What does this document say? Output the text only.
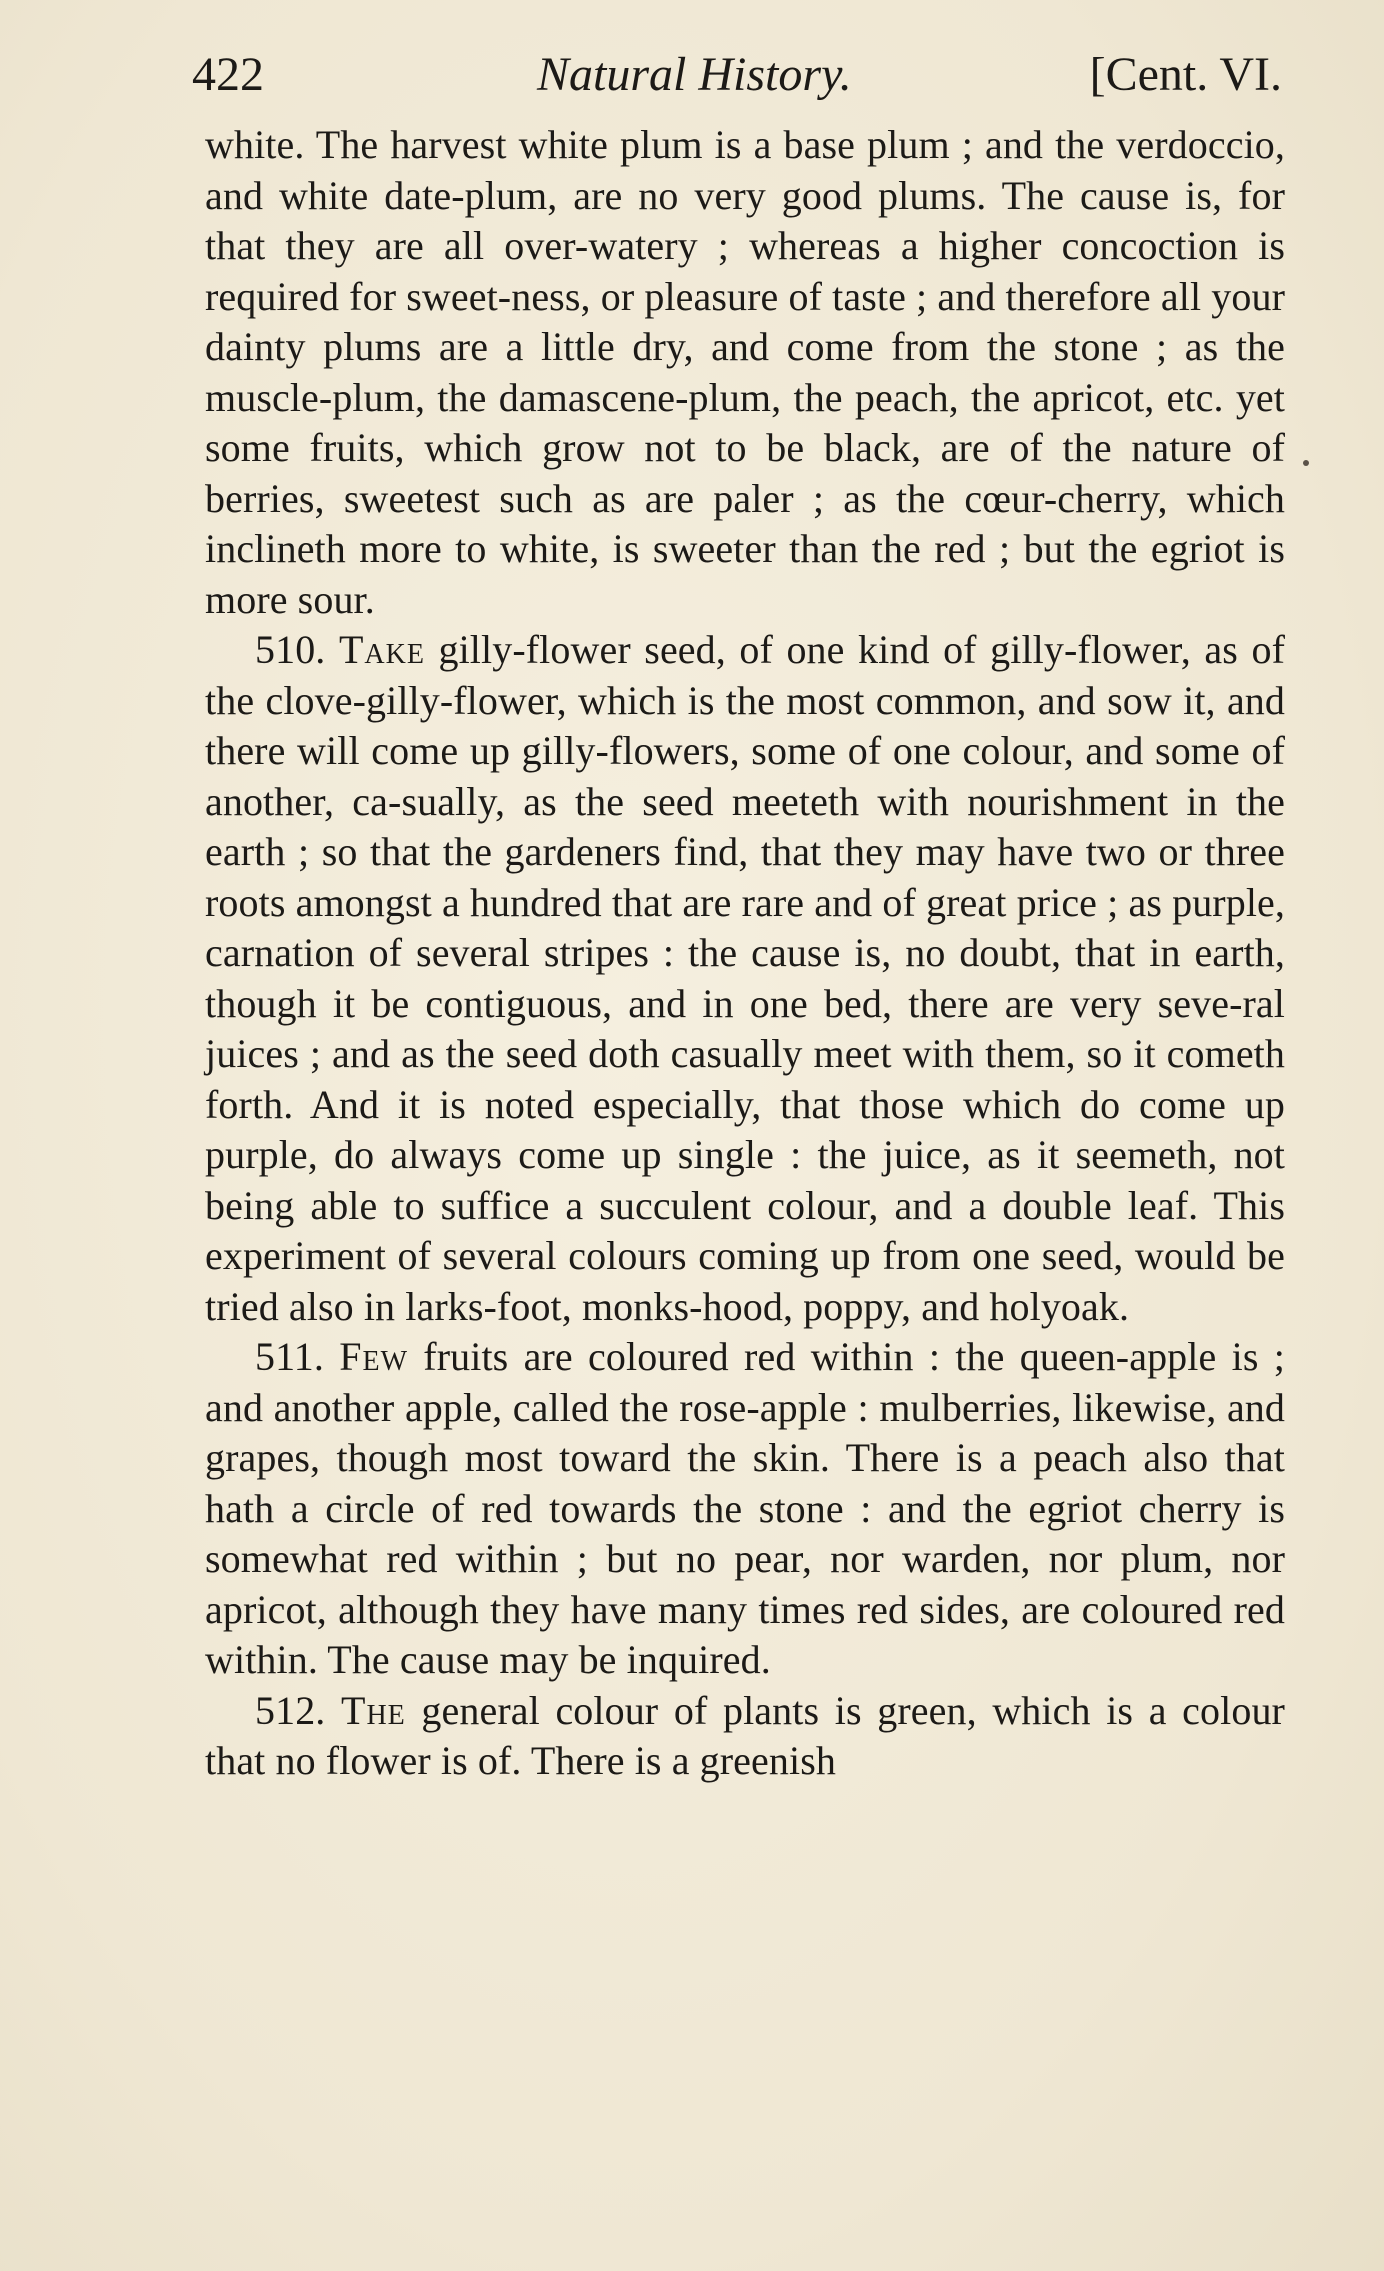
422	Natural History.	[Cent. VI.

white. The harvest white plum is a base plum ; and the verdoccio, and white date-plum, are no very good plums. The cause is, for that they are all over-watery ; whereas a higher concoction is required for sweet-ness, or pleasure of taste ; and therefore all your dainty plums are a little dry, and come from the stone ; as the muscle-plum, the damascene-plum, the peach, the apricot, etc. yet some fruits, which grow not to be black, are of the nature of berries, sweetest such as are paler ; as the cœur-cherry, which inclineth more to white, is sweeter than the red ; but the egriot is more sour.

510. Take gilly-flower seed, of one kind of gilly-flower, as of the clove-gilly-flower, which is the most common, and sow it, and there will come up gilly-flowers, some of one colour, and some of another, ca-sually, as the seed meeteth with nourishment in the earth ; so that the gardeners find, that they may have two or three roots amongst a hundred that are rare and of great price ; as purple, carnation of several stripes : the cause is, no doubt, that in earth, though it be contiguous, and in one bed, there are very seve-ral juices ; and as the seed doth casually meet with them, so it cometh forth. And it is noted especially, that those which do come up purple, do always come up single : the juice, as it seemeth, not being able to suffice a succulent colour, and a double leaf. This experiment of several colours coming up from one seed, would be tried also in larks-foot, monks-hood, poppy, and holyoak.

511. Few fruits are coloured red within : the queen-apple is ; and another apple, called the rose-apple : mulberries, likewise, and grapes, though most toward the skin. There is a peach also that hath a circle of red towards the stone : and the egriot cherry is somewhat red within ; but no pear, nor warden, nor plum, nor apricot, although they have many times red sides, are coloured red within. The cause may be inquired.

512. The general colour of plants is green, which is a colour that no flower is of. There is a greenish
